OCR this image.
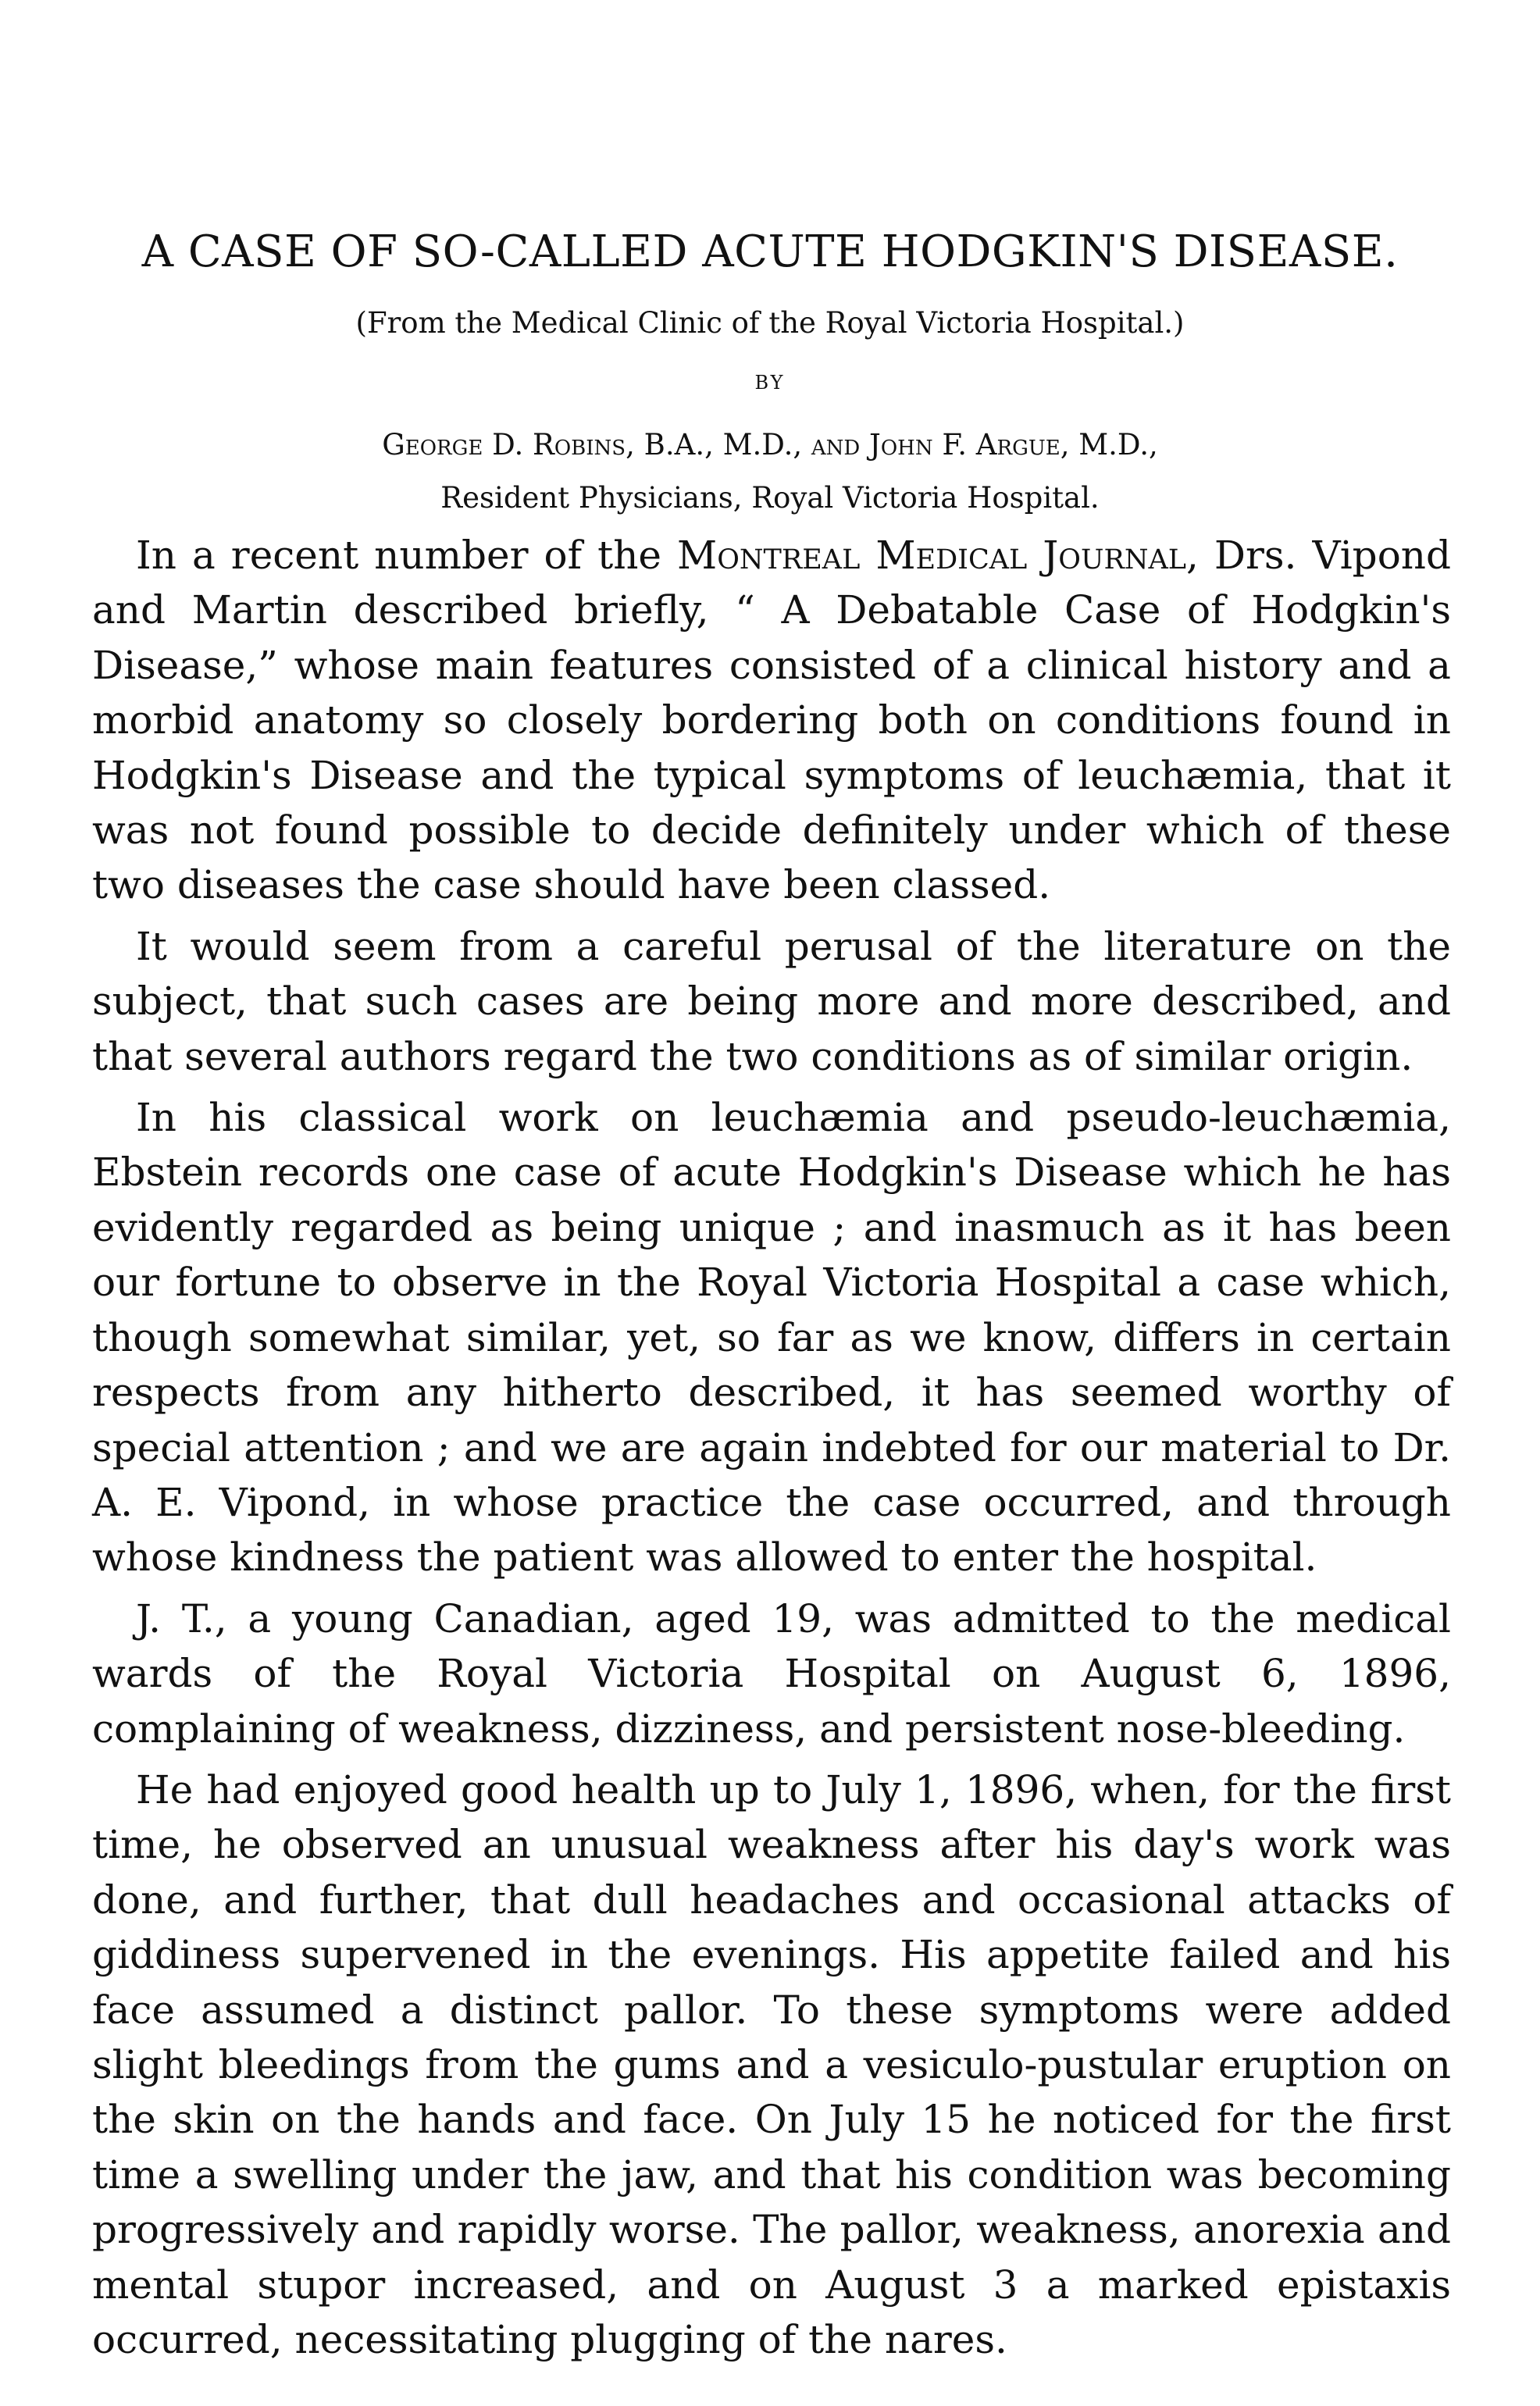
A CASE OF SO-CALLED ACUTE HODGKIN'S DISEASE.
(From the Medical Clinic of the Royal Victoria Hospital.)
BY
George D. Robins, B.A., M.D., and John F. Argue, M.D.,
Resident Physicians, Royal Victoria Hospital.

In a recent number of the Montreal Medical Journal, Drs. Vipond and Martin described briefly, “ A Debatable Case of Hodgkin's Disease,” whose main features consisted of a clinical history and a morbid anatomy so closely bordering both on conditions found in Hodgkin's Disease and the typical symptoms of leuchæmia, that it was not found possible to decide definitely under which of these two diseases the case should have been classed.

It would seem from a careful perusal of the literature on the subject, that such cases are being more and more described, and that several authors regard the two conditions as of similar origin.

In his classical work on leuchæmia and pseudo-leuchæmia, Ebstein records one case of acute Hodgkin's Disease which he has evidently regarded as being unique ; and inasmuch as it has been our fortune to observe in the Royal Victoria Hospital a case which, though somewhat similar, yet, so far as we know, differs in certain respects from any hitherto described, it has seemed worthy of special attention ; and we are again indebted for our material to Dr. A. E. Vipond, in whose practice the case occurred, and through whose kindness the patient was allowed to enter the hospital.

J. T., a young Canadian, aged 19, was admitted to the medical wards of the Royal Victoria Hospital on August 6, 1896, complaining of weakness, dizziness, and persistent nose-bleeding.

He had enjoyed good health up to July 1, 1896, when, for the first time, he observed an unusual weakness after his day's work was done, and further, that dull headaches and occasional attacks of giddiness supervened in the evenings. His appetite failed and his face assumed a distinct pallor. To these symptoms were added slight bleedings from the gums and a vesiculo-pustular eruption on the skin on the hands and face. On July 15 he noticed for the first time a swelling under the jaw, and that his condition was becoming progressively and rapidly worse. The pallor, weakness, anorexia and mental stupor increased, and on August 3 a marked epistaxis occurred, necessitating plugging of the nares.
